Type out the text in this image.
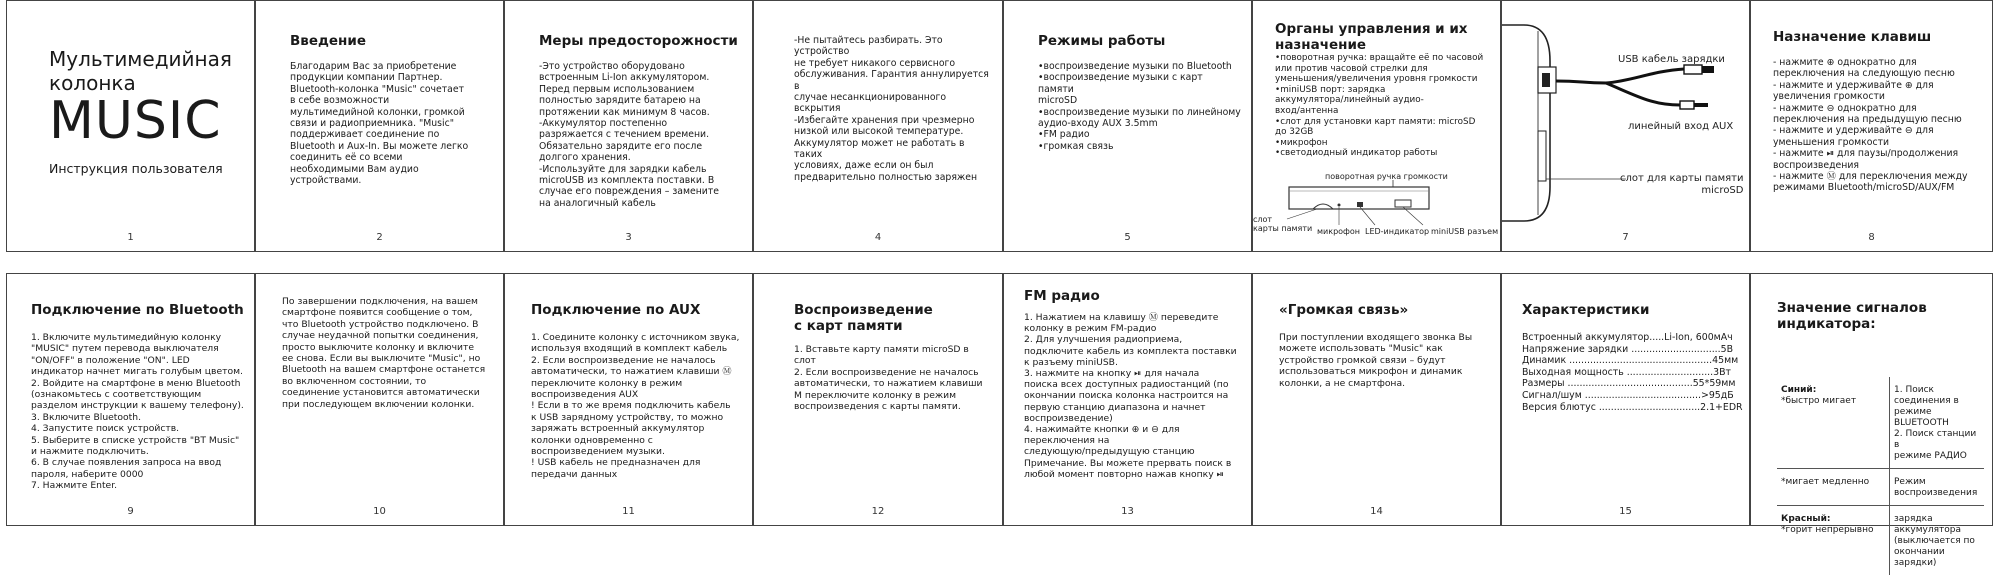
Мультимедийная
колонка
MUSIC
Инструкция пользователя
1
Введение
Благодарим Вас за приобретение
продукции компании Партнер.
Bluetooth-колонка "Music" сочетает
в себе возможности
мультимедийной колонки, громкой
связи и радиоприемника. "Music"
поддерживает соединение по
Bluetooth и Aux-In. Вы можете легко
соединить её со всеми
необходимыми Вам аудио
устройствами.
2
Меры предосторожности
-Это устройство оборудовано
встроенным Li-Ion аккумулятором.
Перед первым использованием
полностью зарядите батарею на
протяжении как минимум 8 часов.
-Аккумулятор постепенно
разряжается с течением времени.
Обязательно зарядите его после
долгого хранения.
-Используйте для зарядки кабель
microUSB из комплекта поставки. В
случае его повреждения – замените
на аналогичный кабель
3
-Не пытайтесь разбирать. Это устройство
не требует никакого сервисного
обслуживания. Гарантия аннулируется в
случае несанкционированного вскрытия
-Избегайте хранения при чрезмерно
низкой или высокой температуре.
Аккумулятор может не работать в таких
условиях, даже если он был
предварительно полностью заряжен
4
Режимы работы
•воспроизведение музыки по Bluetooth
•воспроизведение музыки с карт памяти
microSD
•воспроизведение музыки по линейному
аудио-входу AUX 3.5mm
•FM радио
•громкая связь
5
Органы управления и их
назначение
•поворотная ручка: вращайте её по часовой
или против часовой стрелки для
уменьшения/увеличения уровня громкости
•miniUSB порт: зарядка
аккумулятора/линейный аудио-
вход/антенна
•слот для установки карт памяти: microSD
до 32GB
•микрофон
•светодиодный индикатор работы
поворотная ручка громкости
слот
карты памяти микрофон LED-индикатор miniUSB разъем
USB кабель зарядки
линейный вход AUX
слот для карты памяти
microSD
7
Назначение клавиш
- нажмите ⊕ однократно для
переключения на следующую песню
- нажмите и удерживайте ⊕ для
увеличения громкости
- нажмите ⊖ однократно для
переключения на предыдущую песню
- нажмите и удерживайте ⊖ для
уменьшения громкости
- нажмите ⏯ для паузы/продолжения
воспроизведения
- нажмите Ⓜ для переключения между
режимами Bluetooth/microSD/AUX/FM
8
Подключение по Bluetooth
1. Включите мультимедийную колонку
"MUSIC" путем перевода выключателя
"ON/OFF" в положение "ON". LED
индикатор начнет мигать голубым цветом.
2. Войдите на смартфоне в меню Bluetooth
(ознакомьтесь с соответствующим
разделом инструкции к вашему телефону).
3. Включите Bluetooth.
4. Запустите поиск устройств.
5. Выберите в списке устройств "BT Music"
и нажмите подключить.
6. В случае появления запроса на ввод
пароля, наберите 0000
7. Нажмите Enter.
9
По завершении подключения, на вашем
смартфоне появится сообщение о том,
что Bluetooth устройство подключено. В
случае неудачной попытки соединения,
просто выключите колонку и включите
ее снова. Если вы выключите "Music", но
Bluetooth на вашем смартфоне останется
во включенном состоянии, то
соединение установится автоматически
при последующем включении колонки.
10
Подключение по AUX
1. Соедините колонку с источником звука,
используя входящий в комплект кабель
2. Если воспроизведение не началось
автоматически, то нажатием клавиши Ⓜ
переключите колонку в режим
воспроизведения AUX
! Если в то же время подключить кабель
к USB зарядному устройству, то можно
заряжать встроенный аккумулятор
колонки одновременно с
воспроизведением музыки.
! USB кабель не предназначен для
передачи данных
11
Воспроизведение
с карт памяти
1. Вставьте карту памяти microSD в
слот
2. Если воспроизведение не началось
автоматически, то нажатием клавиши
M переключите колонку в режим
воспроизведения с карты памяти.
12
FM радио
1. Нажатием на клавишу Ⓜ переведите
колонку в режим FM-радио
2. Для улучшения радиоприема,
подключите кабель из комплекта поставки
к разъему miniUSB.
3. нажмите на кнопку ⏯ для начала
поиска всех доступных радиостанций (по
окончании поиска колонка настроится на
первую станцию диапазона и начнет
воспроизведение)
4. нажимайте кнопки ⊕ и ⊖ для
переключения на
следующую/предыдущую станцию
Примечание. Вы можете прервать поиск в
любой момент повторно нажав кнопку ⏯
13
«Громкая связь»
При поступлении входящего звонка Вы
можете использовать "Music" как
устройство громкой связи – будут
использоваться микрофон и динамик
колонки, а не смартфона.
14
Характеристики
Встроенный аккумулятор.....Li-Ion, 600мАч
Напряжение зарядки ..............................5В
Динамик ................................................45мм
Выходная мощность .............................3Вт
Размеры ..........................................55*59мм
Сигнал/шум .......................................>95дБ
Версия блютус ..................................2.1+EDR
15
Значение сигналов
индикатора:
Синий:
*быстро мигает	1. Поиск соединения в
режиме BLUETOOTH
2. Поиск станции в
режиме РАДИО
*мигает медленно	Режим
воспроизведения

Красный:
*горит непрерывно	зарядка аккумулятора
(выключается по
окончании зарядки)
